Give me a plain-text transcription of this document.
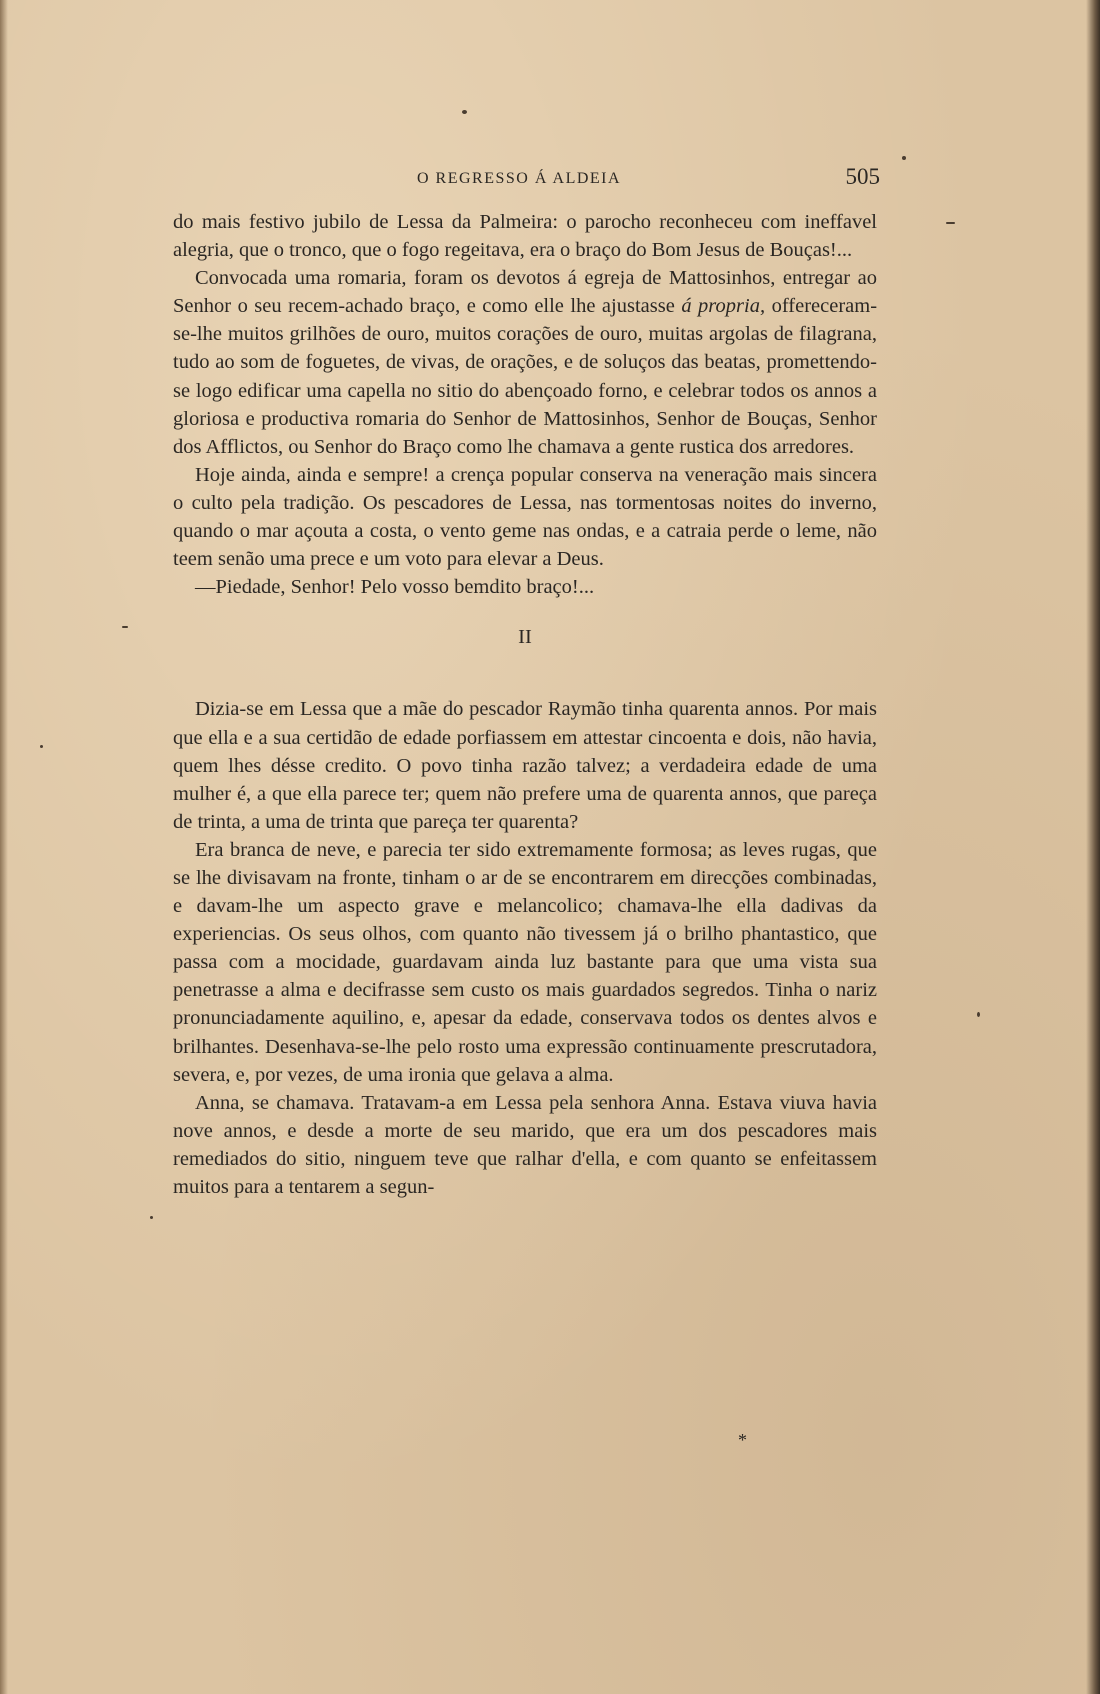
O REGRESSO Á ALDEIA	505

do mais festivo jubilo de Lessa da Palmeira: o parocho reconheceu com ineffavel alegria, que o tronco, que o fogo regeitava, era o braço do Bom Jesus de Bouças!...

Convocada uma romaria, foram os devotos á egreja de Mattosinhos, entregar ao Senhor o seu recem-achado braço, e como elle lhe ajustasse á propria, offereceram-se-lhe muitos grilhões de ouro, muitos corações de ouro, muitas argolas de filagrana, tudo ao som de foguetes, de vivas, de orações, e de soluços das beatas, promettendo-se logo edificar uma capella no sitio do abençoado forno, e celebrar todos os annos a gloriosa e productiva romaria do Senhor de Mattosinhos, Senhor de Bouças, Senhor dos Afflictos, ou Senhor do Braço como lhe chamava a gente rustica dos arredores.

Hoje ainda, ainda e sempre! a crença popular conserva na veneração mais sincera o culto pela tradição. Os pescadores de Lessa, nas tormentosas noites do inverno, quando o mar açouta a costa, o vento geme nas ondas, e a catraia perde o leme, não teem senão uma prece e um voto para elevar a Deus.

—Piedade, Senhor! Pelo vosso bemdito braço!...

II

Dizia-se em Lessa que a mãe do pescador Raymão tinha quarenta annos. Por mais que ella e a sua certidão de edade porfiassem em attestar cincoenta e dois, não havia, quem lhes désse credito. O povo tinha razão talvez; a verdadeira edade de uma mulher é, a que ella parece ter; quem não prefere uma de quarenta annos, que pareça de trinta, a uma de trinta que pareça ter quarenta?

Era branca de neve, e parecia ter sido extremamente formosa; as leves rugas, que se lhe divisavam na fronte, tinham o ar de se encontrarem em direcções combinadas, e davam-lhe um aspecto grave e melancolico; chamava-lhe ella dadivas da experiencias. Os seus olhos, com quanto não tivessem já o brilho phantastico, que passa com a mocidade, guardavam ainda luz bastante para que uma vista sua penetrasse a alma e decifrasse sem custo os mais guardados segredos. Tinha o nariz pronunciadamente aquilino, e, apesar da edade, conservava todos os dentes alvos e brilhantes. Desenhava-se-lhe pelo rosto uma expressão continuamente prescrutadora, severa, e, por vezes, de uma ironia que gelava a alma.

Anna, se chamava. Tratavam-a em Lessa pela senhora Anna. Estava viuva havia nove annos, e desde a morte de seu marido, que era um dos pescadores mais remediados do sitio, ninguem teve que ralhar d'ella, e com quanto se enfeitassem muitos para a tentarem a segun-

*
